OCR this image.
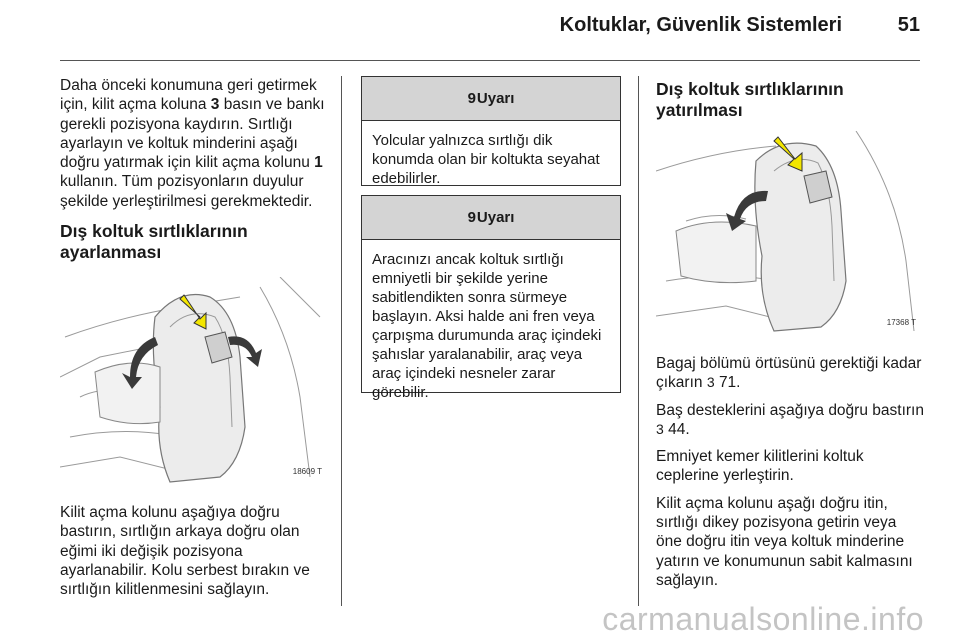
Koltuklar, Güvenlik Sistemleri	51

Daha önceki konumuna geri getirmek için, kilit açma koluna 3 basın ve bankı gerekli pozisyona kaydırın. Sırtlığı ayarlayın ve koltuk minderini aşağı doğru yatırmak için kilit açma kolunu 1 kullanın. Tüm pozisyonların duyulur şekilde yerleştirilmesi gerekmektedir.

Dış koltuk sırtlıklarının ayarlanması
18609 T

Kilit açma kolunu aşağıya doğru bastırın, sırtlığın arkaya doğru olan eğimi iki değişik pozisyona ayarlanabilir. Kolu serbest bırakın ve sırtlığın kilitlenmesini sağlayın.

9Uyarı
Yolcular yalnızca sırtlığı dik konumda olan bir koltukta seyahat edebilirler.
9Uyarı
Aracınızı ancak koltuk sırtlığı emniyetli bir şekilde yerine sabitlendikten sonra sürmeye başlayın. Aksi halde ani fren veya çarpışma durumunda araç içindeki şahıslar yaralanabilir, araç veya araç içindeki nesneler zarar görebilir.
Dış koltuk sırtlıklarının yatırılması
17368 T

Bagaj bölümü örtüsünü gerektiği kadar çıkarın 3 71.

Baş desteklerini aşağıya doğru bastırın 3 44.

Emniyet kemer kilitlerini koltuk ceplerine yerleştirin.

Kilit açma kolunu aşağı doğru itin, sırtlığı dikey pozisyona getirin veya öne doğru itin veya koltuk minderine yatırın ve konumunun sabit kalmasını sağlayın.

carmanualsonline.info
